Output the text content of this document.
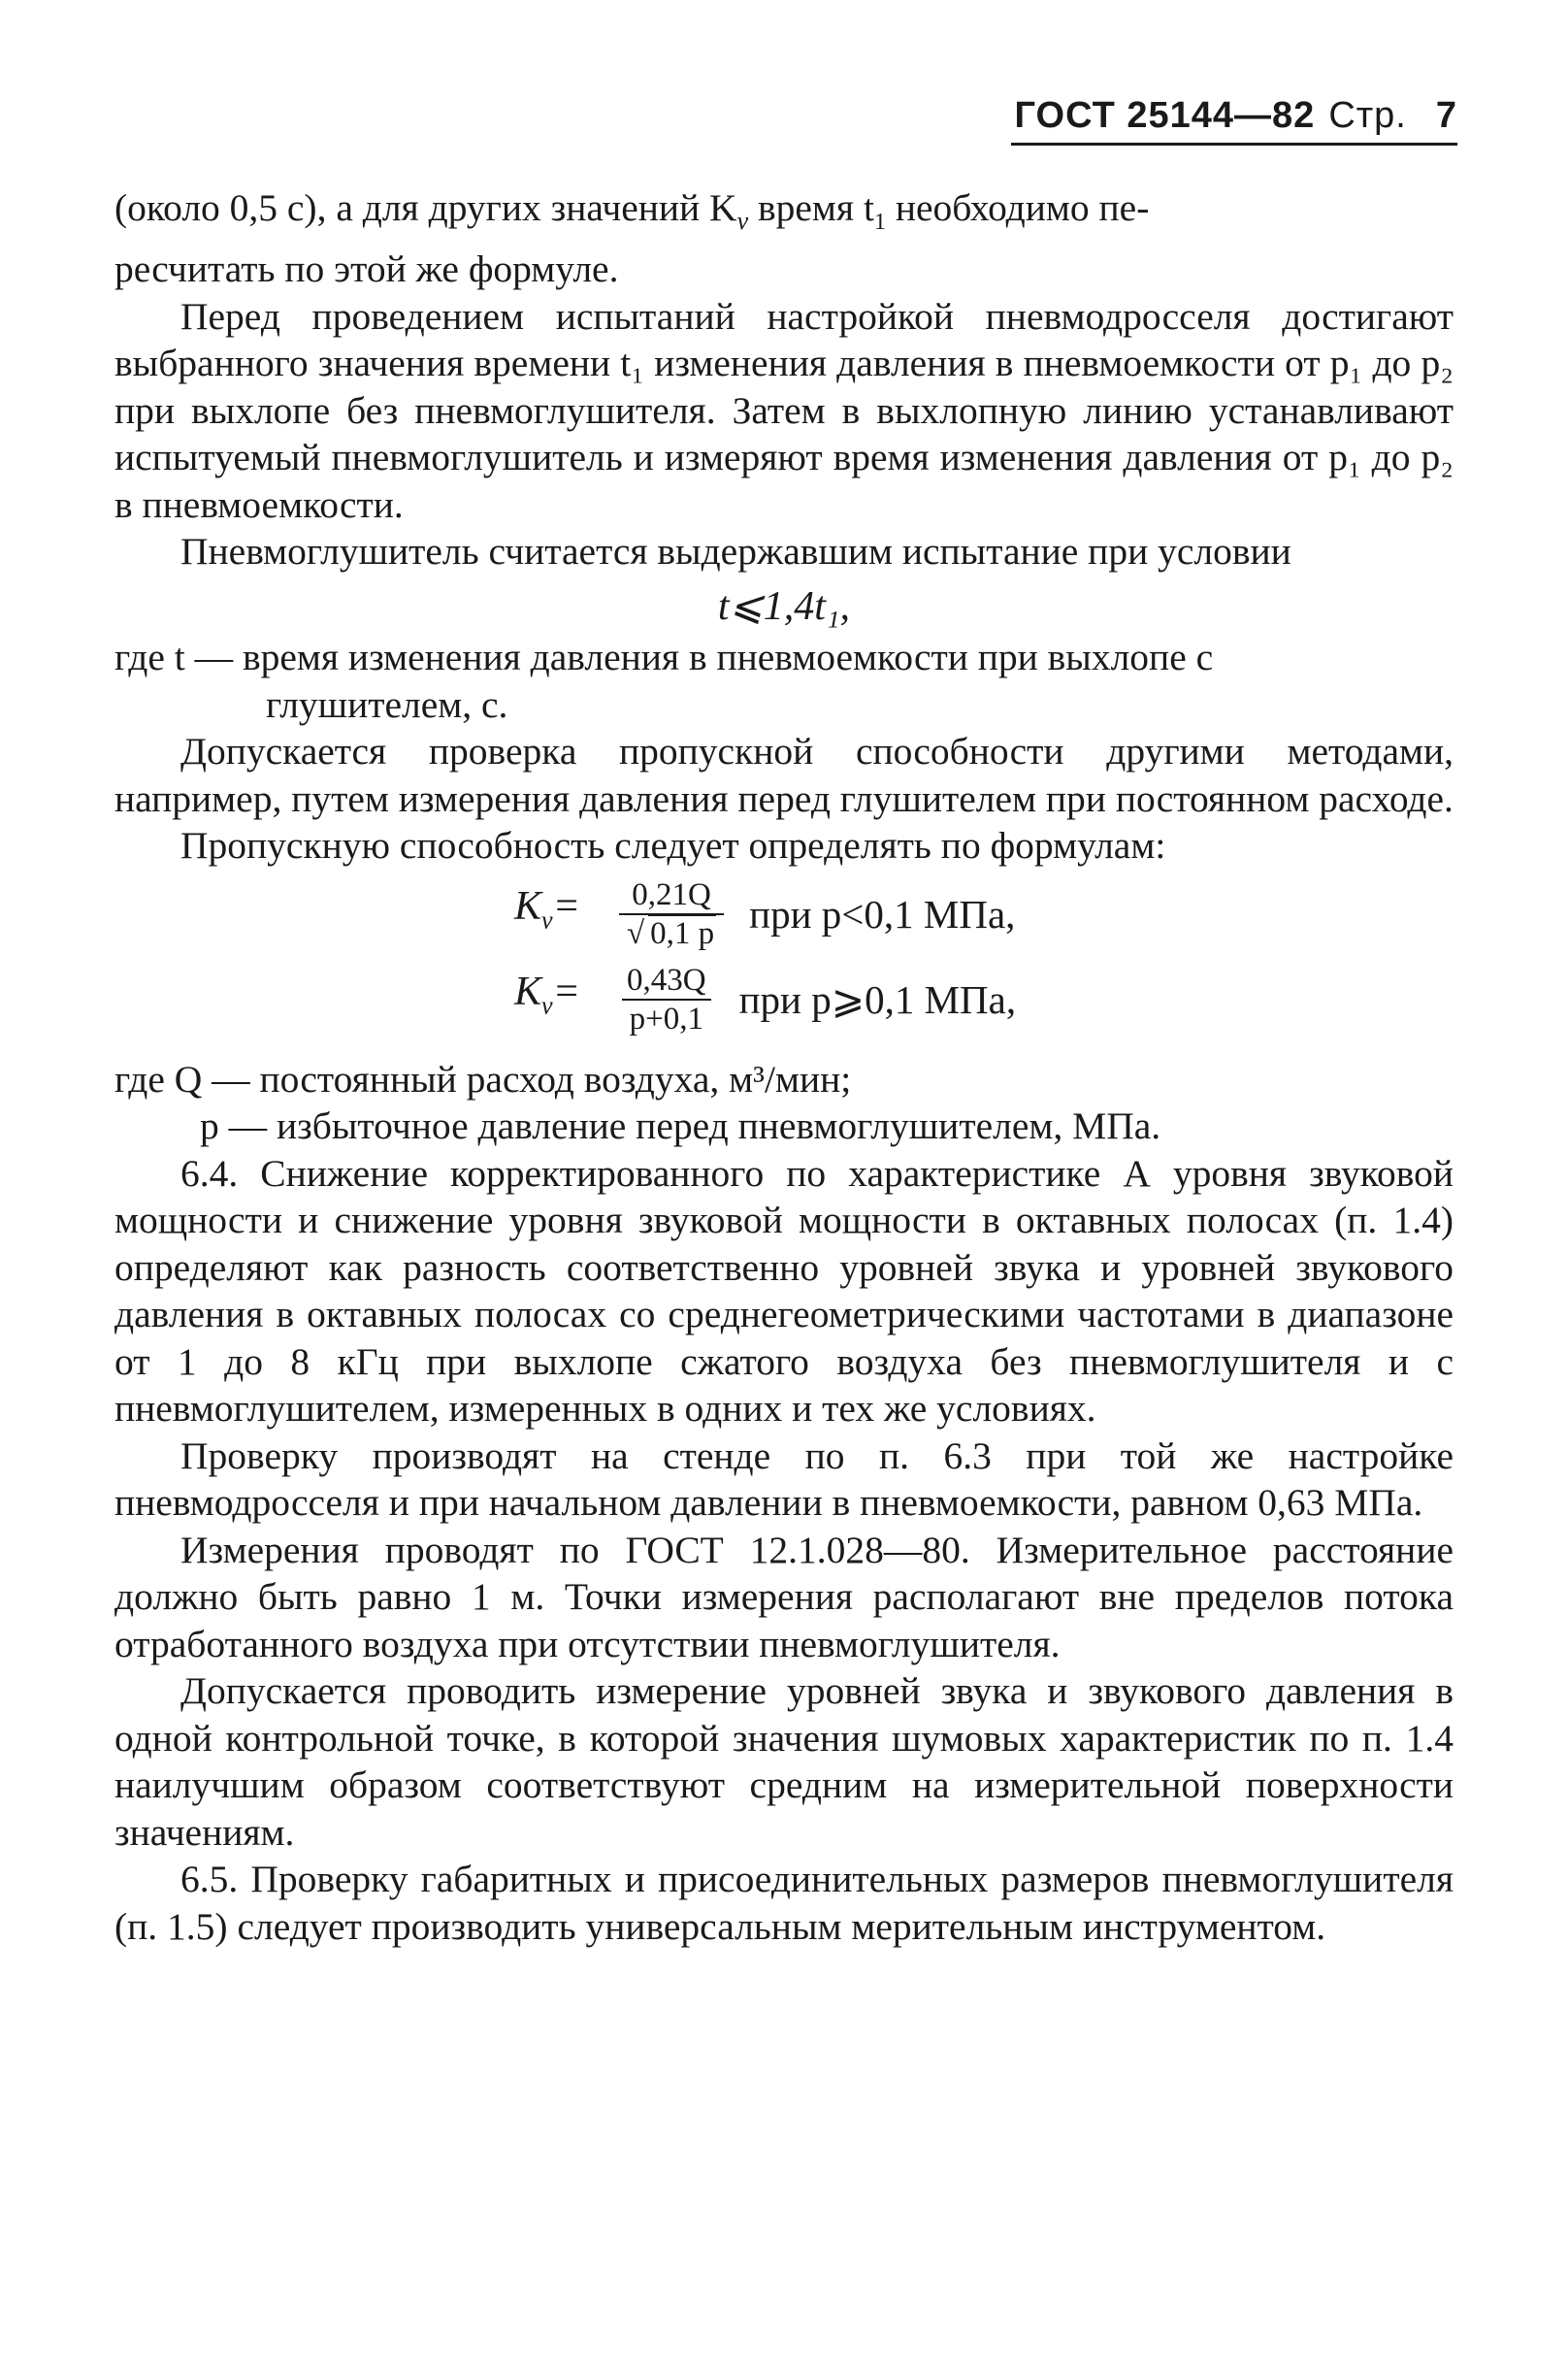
ГОСТ 25144—82 Стр. 7

(около 0,5 с), а для других значений $K_v$ время $t_1$ необходимо пе-

ресчитать по этой же формуле.

Перед проведением испытаний настройкой пневмодросселя достигают выбранного значения времени t₁ изменения давления в пневмоемкости от p₁ до p₂ при выхлопе без пневмоглушителя. Затем в выхлопную линию устанавливают испытуемый пневмоглушитель и измеряют время изменения давления от p₁ до p₂ в пневмоемкости.

Пневмоглушитель считается выдержавшим испытание при условии

t⩽1,4t₁,

где t — время изменения давления в пневмоемкости при выхлопе с
глушителем, с.

Допускается проверка пропускной способности другими методами, например, путем измерения давления перед глушителем при постоянном расходе.

Пропускную способность следует определять по формулам:

$K_v=$	$\frac{0,21Q}{√ 0,1 p}$ при p<0,1 МПа,
$K_v=$	$\frac{0,43Q}{p+0,1}$ при p⩾0,1 МПа,

где Q — постоянный расход воздуха, м³/мин;
p — избыточное давление перед пневмоглушителем, МПа.

6.4. Снижение корректированного по характеристике А уровня звуковой мощности и снижение уровня звуковой мощности в октавных полосах (п. 1.4) определяют как разность соответственно уровней звука и уровней звукового давления в октавных полосах со среднегеометрическими частотами в диапазоне от 1 до 8 кГц при выхлопе сжатого воздуха без пневмоглушителя и с пневмоглушителем, измеренных в одних и тех же условиях.

Проверку производят на стенде по п. 6.3 при той же настройке пневмодросселя и при начальном давлении в пневмоемкости, равном 0,63 МПа.

Измерения проводят по ГОСТ 12.1.028—80. Измерительное расстояние должно быть равно 1 м. Точки измерения располагают вне пределов потока отработанного воздуха при отсутствии пневмоглушителя.

Допускается проводить измерение уровней звука и звукового давления в одной контрольной точке, в которой значения шумовых характеристик по п. 1.4 наилучшим образом соответствуют средним на измерительной поверхности значениям.

6.5. Проверку габаритных и присоединительных размеров пневмоглушителя (п. 1.5) следует производить универсальным мерительным инструментом.
